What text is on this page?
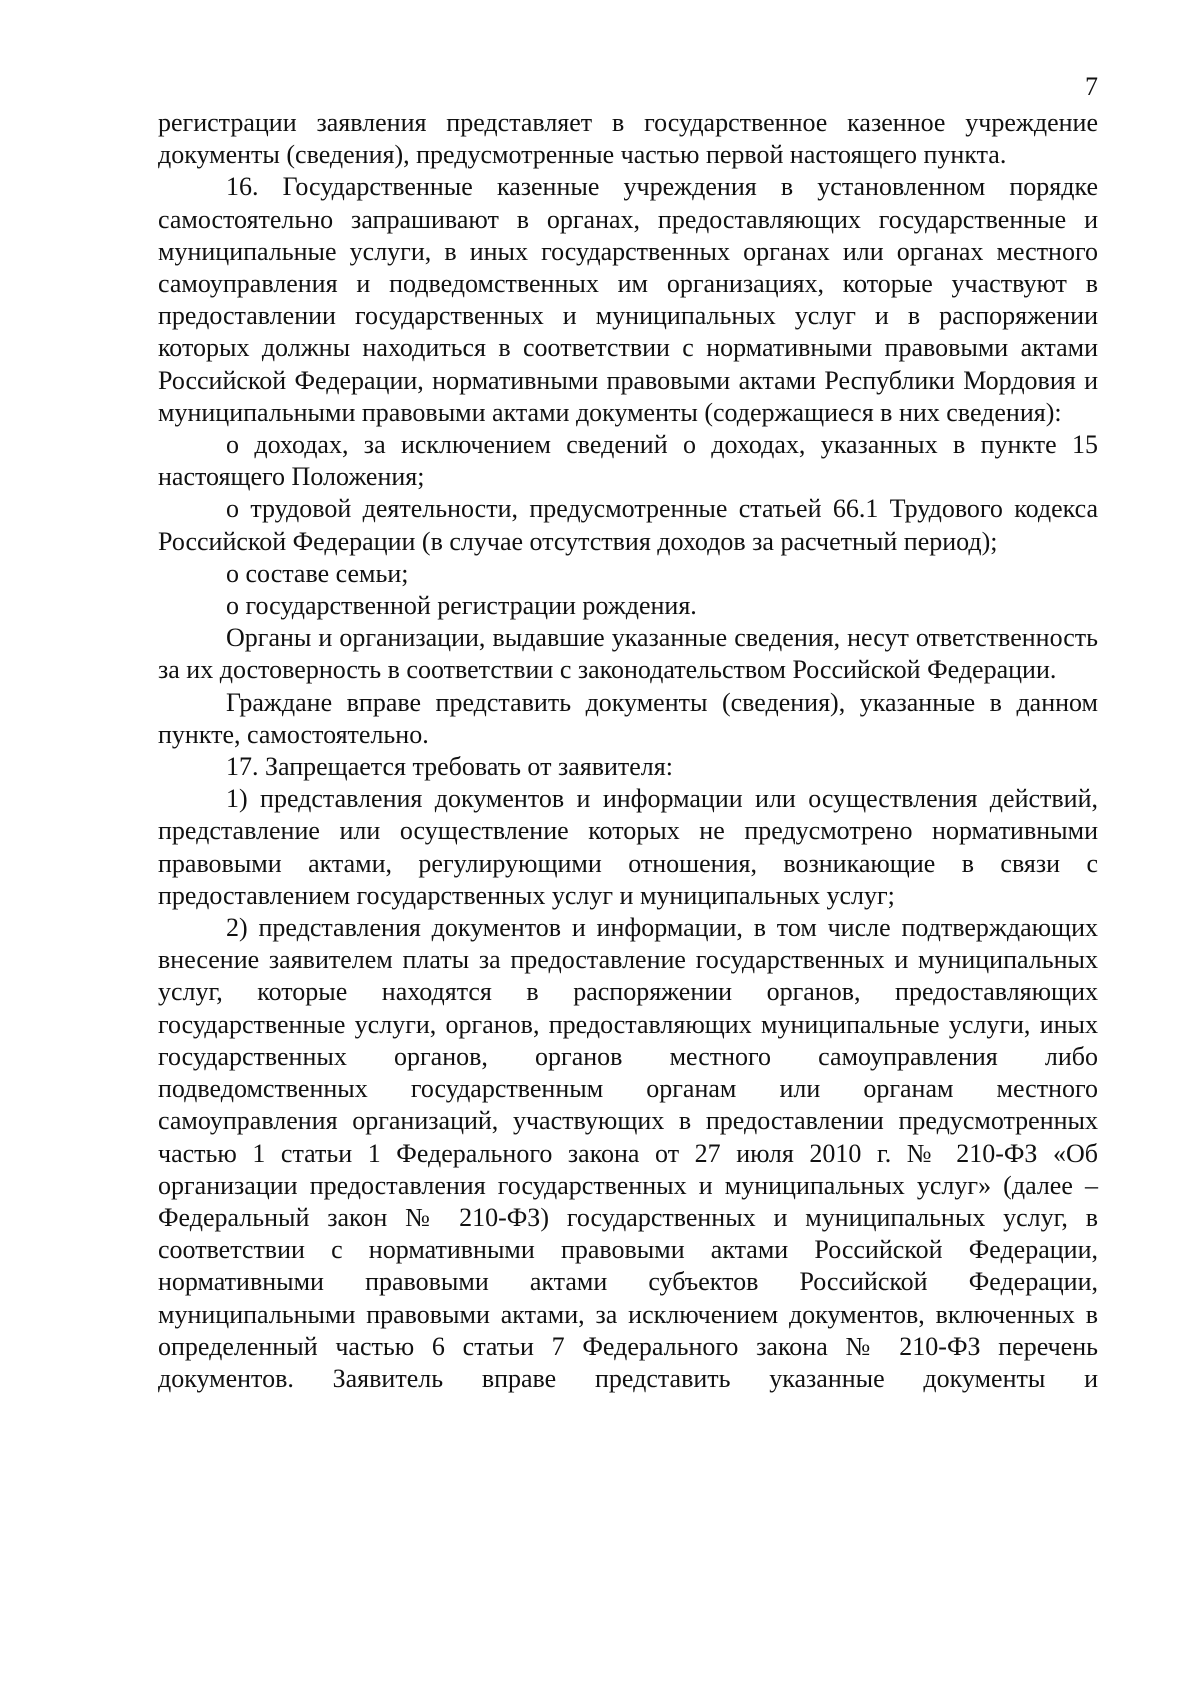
7

регистрации заявления представляет в государственное казенное учреждение документы (сведения), предусмотренные частью первой настоящего пункта.

16. Государственные казенные учреждения в установленном порядке самостоятельно запрашивают в органах, предоставляющих государственные и муниципальные услуги, в иных государственных органах или органах местного самоуправления и подведомственных им организациях, которые участвуют в предоставлении государственных и муниципальных услуг и в распоряжении которых должны находиться в соответствии с нормативными правовыми актами Российской Федерации, нормативными правовыми актами Республики Мордовия и муниципальными правовыми актами документы (содержащиеся в них сведения):

о доходах, за исключением сведений о доходах, указанных в пункте 15 настоящего Положения;

о трудовой деятельности, предусмотренные статьей 66.1 Трудового кодекса Российской Федерации (в случае отсутствия доходов за расчетный период);

о составе семьи;

о государственной регистрации рождения.

Органы и организации, выдавшие указанные сведения, несут ответственность за их достоверность в соответствии с законодательством Российской Федерации.

Граждане вправе представить документы (сведения), указанные в данном пункте, самостоятельно.

17. Запрещается требовать от заявителя:

1) представления документов и информации или осуществления действий, представление или осуществление которых не предусмотрено нормативными правовыми актами, регулирующими отношения, возникающие в связи с предоставлением государственных услуг и муниципальных услуг;

2) представления документов и информации, в том числе подтверждающих внесение заявителем платы за предоставление государственных и муниципальных услуг, которые находятся в распоряжении органов, предоставляющих государственные услуги, органов, предоставляющих муниципальные услуги, иных государственных органов, органов местного самоуправления либо подведомственных государственным органам или органам местного самоуправления организаций, участвующих в предоставлении предусмотренных частью 1 статьи 1 Федерального закона от 27 июля 2010 г. № 210-ФЗ «Об организации предоставления государственных и муниципальных услуг» (далее – Федеральный закон № 210-ФЗ) государственных и муниципальных услуг, в соответствии с нормативными правовыми актами Российской Федерации, нормативными правовыми актами субъектов Российской Федерации, муниципальными правовыми актами, за исключением документов, включенных в определенный частью 6 статьи 7 Федерального закона № 210-ФЗ перечень документов. Заявитель вправе представить указанные документы и
